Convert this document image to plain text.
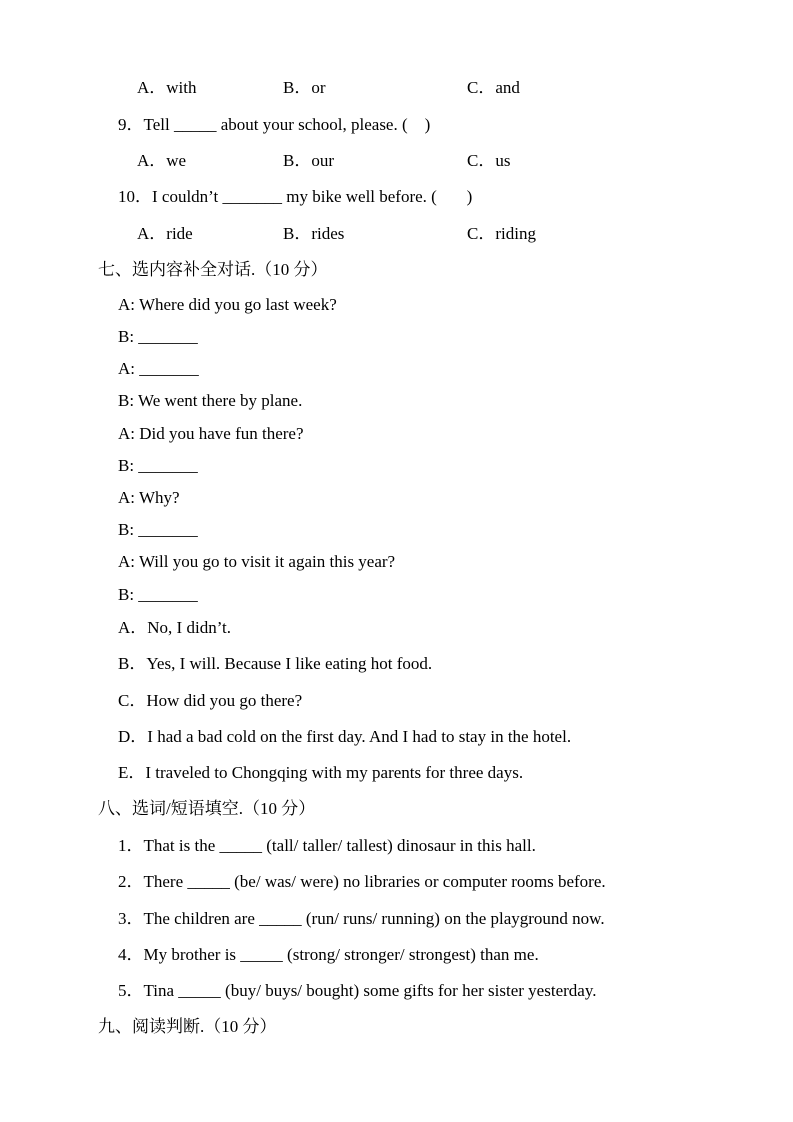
A．with	B．or	C．and
9．Tell _____ about your school, please. (    )
A．we	B．our	C．us
10．I couldn’t _______ my bike well before. (       )
A．ride	B．rides	C．riding
七、选内容补全对话.（10 分）
A: Where did you go last week?
B: _______
A: _______
B: We went there by plane.
A: Did you have fun there?
B: _______
A: Why?
B: _______
A: Will you go to visit it again this year?
B: _______
A．No, I didn’t.
B．Yes, I will. Because I like eating hot food.
C．How did you go there?
D．I had a bad cold on the first day. And I had to stay in the hotel.
E．I traveled to Chongqing with my parents for three days.
八、选词/短语填空.（10 分）
1．That is the _____ (tall/ taller/ tallest) dinosaur in this hall.
2．There _____ (be/ was/ were) no libraries or computer rooms before.
3．The children are _____ (run/ runs/ running) on the playground now.
4．My brother is _____ (strong/ stronger/ strongest) than me.
5．Tina _____ (buy/ buys/ bought) some gifts for her sister yesterday.
九、阅读判断.（10 分）
